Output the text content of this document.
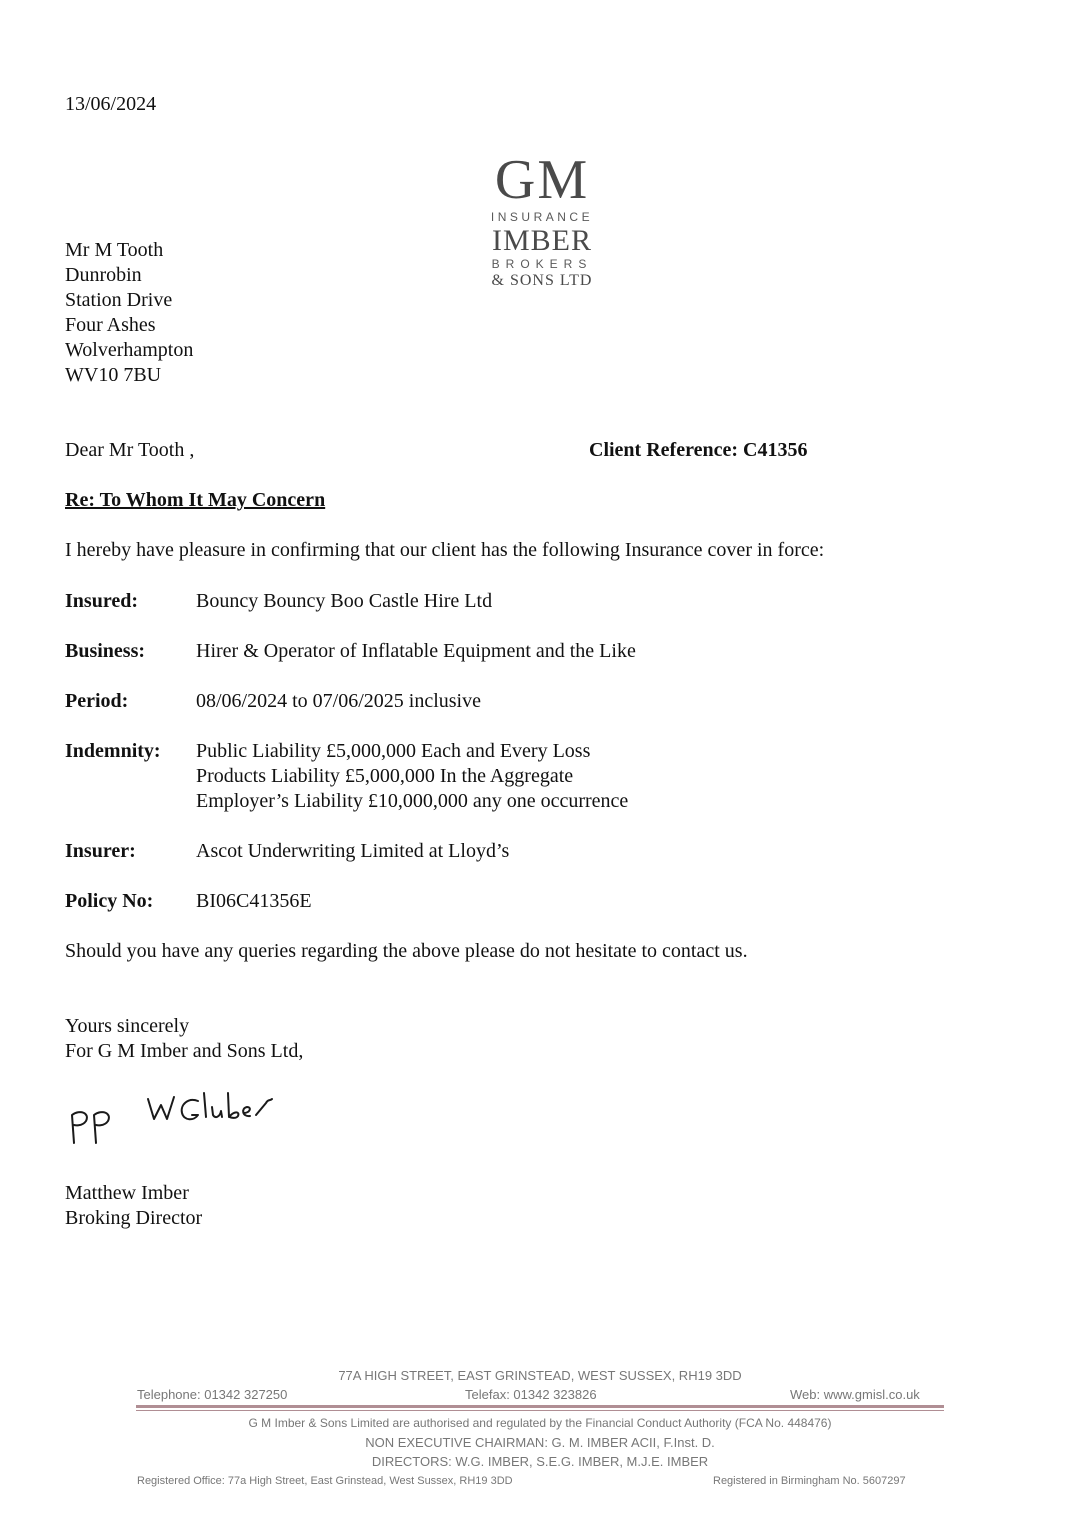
13/06/2024
GM
INSURANCE
IMBER
BROKERS
& SONS LTD
Mr M Tooth
Dunrobin
Station Drive
Four Ashes
Wolverhampton
WV10 7BU
Dear Mr Tooth ,	Client Reference: C41356
Re: To Whom It May Concern
I hereby have pleasure in confirming that our client has the following Insurance cover in force:
Insured:	Bouncy Bouncy Boo Castle Hire Ltd
Business:	Hirer & Operator of Inflatable Equipment and the Like
Period:	08/06/2024 to 07/06/2025 inclusive
Indemnity: Public Liability £5,000,000 Each and Every Loss
Products Liability £5,000,000 In the Aggregate
Employer’s Liability £10,000,000 any one occurrence
Insurer:	Ascot Underwriting Limited at Lloyd’s
Policy No: BI06C41356E
Should you have any queries regarding the above please do not hesitate to contact us.
Yours sincerely
For G M Imber and Sons Ltd,
Matthew Imber
Broking Director
77A HIGH STREET, EAST GRINSTEAD, WEST SUSSEX, RH19 3DD
Telephone: 01342 327250	Telefax: 01342 323826	Web: www.gmisl.co.uk
G M Imber & Sons Limited are authorised and regulated by the Financial Conduct Authority (FCA No. 448476)
NON EXECUTIVE CHAIRMAN: G. M. IMBER ACII, F.Inst. D.
DIRECTORS: W.G. IMBER, S.E.G. IMBER, M.J.E. IMBER
Registered Office: 77a High Street, East Grinstead, West Sussex, RH19 3DD	Registered in Birmingham No. 5607297
